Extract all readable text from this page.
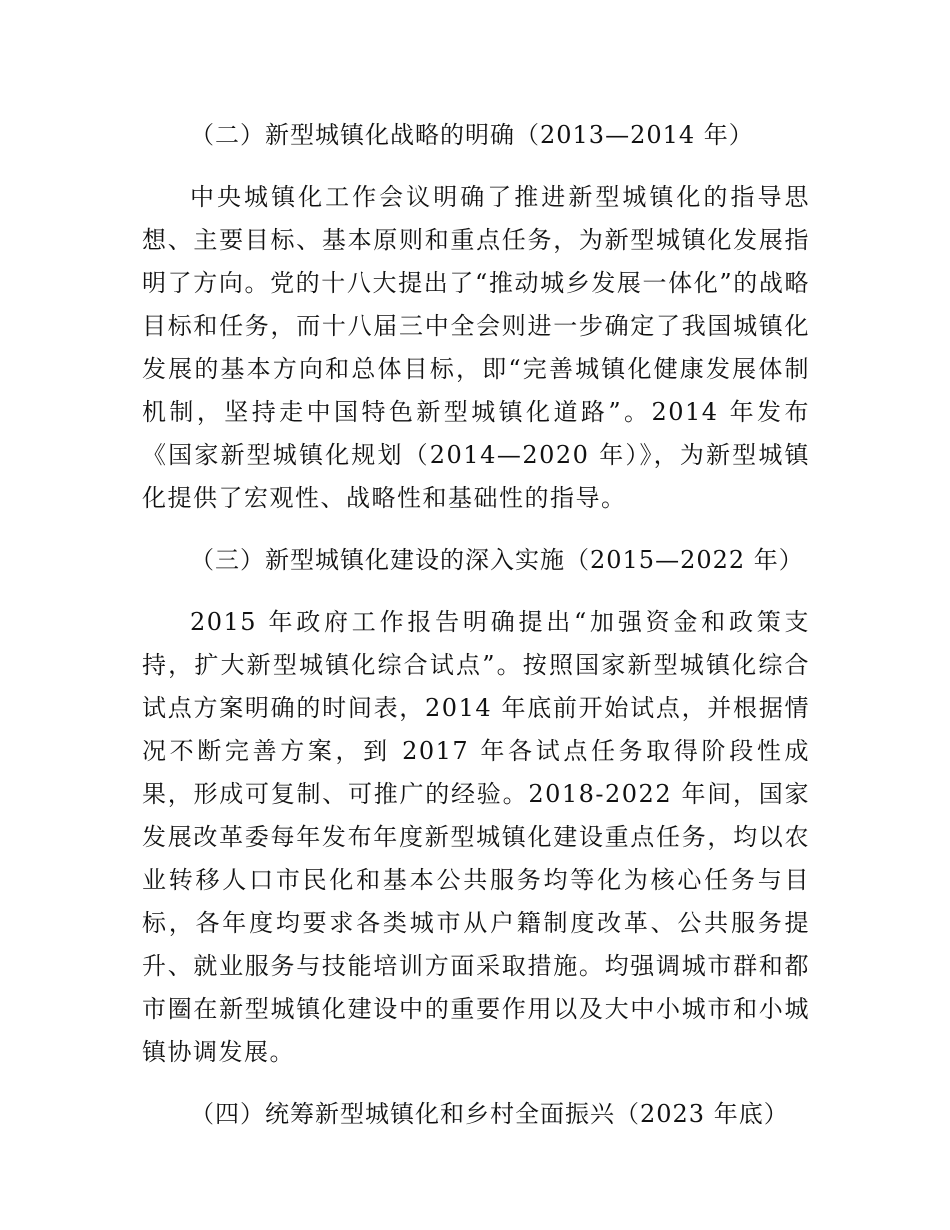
（二）新型城镇化战略的明确（2013—2014 年）

中央城镇化工作会议明确了推进新型城镇化的指导思想、主要目标、基本原则和重点任务，为新型城镇化发展指明了方向。党的十八大提出了“推动城乡发展一体化”的战略目标和任务，而十八届三中全会则进一步确定了我国城镇化发展的基本方向和总体目标，即“完善城镇化健康发展体制机制，坚持走中国特色新型城镇化道路”。2014 年发布《国家新型城镇化规划（2014—2020 年）》，为新型城镇化提供了宏观性、战略性和基础性的指导。

（三）新型城镇化建设的深入实施（2015—2022 年）

2015 年政府工作报告明确提出“加强资金和政策支持，扩大新型城镇化综合试点”。按照国家新型城镇化综合试点方案明确的时间表，2014 年底前开始试点，并根据情况不断完善方案，到 2017 年各试点任务取得阶段性成果，形成可复制、可推广的经验。2018-2022 年间，国家发展改革委每年发布年度新型城镇化建设重点任务，均以农业转移人口市民化和基本公共服务均等化为核心任务与目标，各年度均要求各类城市从户籍制度改革、公共服务提升、就业服务与技能培训方面采取措施。均强调城市群和都市圈在新型城镇化建设中的重要作用以及大中小城市和小城镇协调发展。

（四）统筹新型城镇化和乡村全面振兴（2023 年底）
